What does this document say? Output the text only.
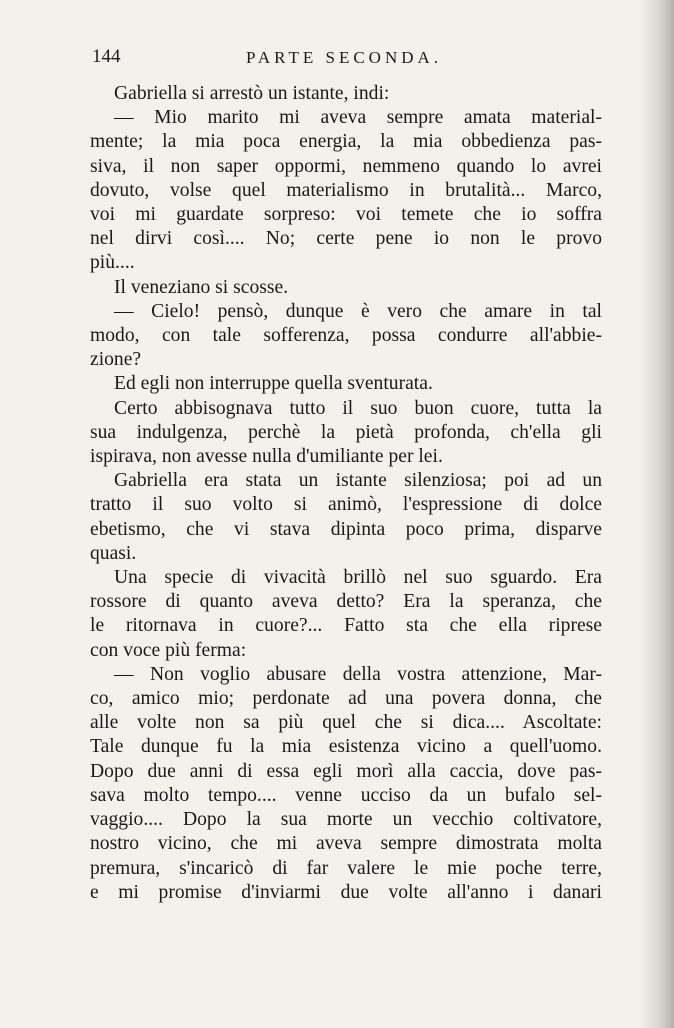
144	PARTE SECONDA.

Gabriella si arrestò un istante, indi:

— Mio marito mi aveva sempre amata material-

mente; la mia poca energia, la mia obbedienza pas-

siva, il non saper oppormi, nemmeno quando lo avrei

dovuto, volse quel materialismo in brutalità... Marco,

voi mi guardate sorpreso: voi temete che io soffra

nel dirvi così.... No; certe pene io non le provo

più....

Il veneziano si scosse.

— Cielo! pensò, dunque è vero che amare in tal

modo, con tale sofferenza, possa condurre all'abbie-

zione?

Ed egli non interruppe quella sventurata.

Certo abbisognava tutto il suo buon cuore, tutta la

sua indulgenza, perchè la pietà profonda, ch'ella gli

ispirava, non avesse nulla d'umiliante per lei.

Gabriella era stata un istante silenziosa; poi ad un

tratto il suo volto si animò, l'espressione di dolce

ebetismo, che vi stava dipinta poco prima, disparve

quasi.

Una specie di vivacità brillò nel suo sguardo. Era

rossore di quanto aveva detto? Era la speranza, che

le ritornava in cuore?... Fatto sta che ella riprese

con voce più ferma:

— Non voglio abusare della vostra attenzione, Mar-

co, amico mio; perdonate ad una povera donna, che

alle volte non sa più quel che si dica.... Ascoltate:

Tale dunque fu la mia esistenza vicino a quell'uomo.

Dopo due anni di essa egli morì alla caccia, dove pas-

sava molto tempo.... venne ucciso da un bufalo sel-

vaggio.... Dopo la sua morte un vecchio coltivatore,

nostro vicino, che mi aveva sempre dimostrata molta

premura, s'incaricò di far valere le mie poche terre,

e mi promise d'inviarmi due volte all'anno i danari
